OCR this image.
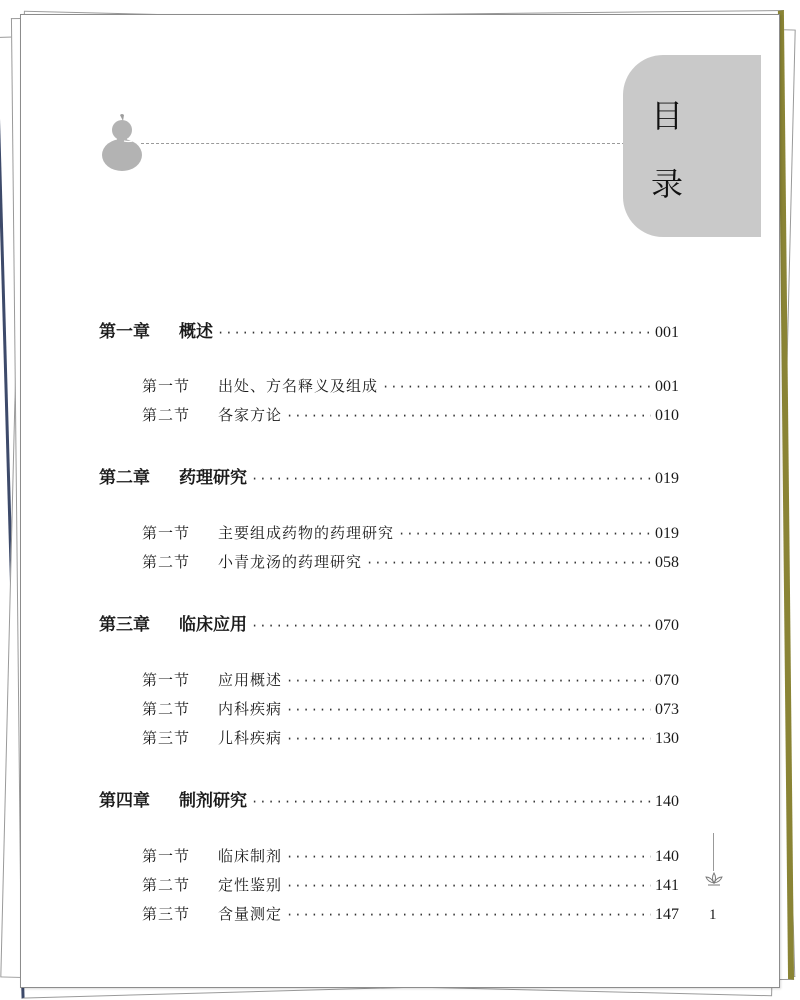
目
录
第一章	概述 ·····	001
第一节	出处、方名释义及组成 ·····	001
第二节	各家方论 ·····	010
第二章	药理研究 ·····	019
第一节	主要组成药物的药理研究 ·····	019
第二节	小青龙汤的药理研究 ·····	058
第三章	临床应用 ·····	070
第一节	应用概述 ·····	070
第二节	内科疾病 ·····	073
第三节	儿科疾病 ·····	130
第四章	制剂研究 ·····	140
第一节	临床制剂 ·····	140
第二节	定性鉴别 ·····	141
第三节	含量测定 ·····	147 1
